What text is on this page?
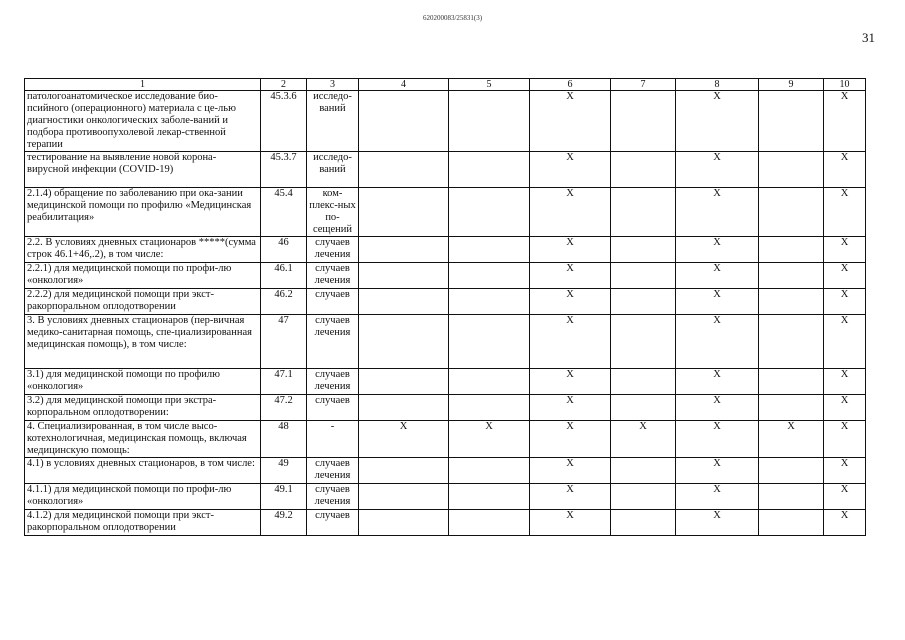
620200083/25831(3)
31
1	2	3	4	5	6	7	8	9	10
патологоанатомическое исследование био-псийного (операционного) материала с це-лью диагностики онкологических заболе-ваний и подбора противоопухолевой лекар-ственной терапии	45.3.6	исследо-ваний			X		X		X
тестирование на выявление новой корона-вирусной инфекции (COVID-19)	45.3.7	исследо-ваний			X		X		X
2.1.4) обращение по заболеванию при ока-зании медицинской помощи по профилю «Медицинская реабилитация»	45.4	ком-плекс-ных по-сещений			X		X		X
2.2. В условиях дневных стационаров *****(сумма строк 46.1+46,.2), в том числе:	46	случаев лечения			X		X		X
2.2.1) для медицинской помощи по профи-лю «онкология»	46.1	случаев лечения			X		X		X
2.2.2) для медицинской помощи при экст-ракорпоральном оплодотворении	46.2	случаев			X		X		X
3. В условиях дневных стационаров (пер-вичная медико-санитарная помощь, спе-циализированная медицинская помощь), в том числе:	47	случаев лечения			X		X		X
3.1) для медицинской помощи по профилю «онкология»	47.1	случаев лечения			X		X		X
3.2) для медицинской помощи при экстра-корпоральном оплодотворении:	47.2	случаев			X		X		X
4. Специализированная, в том числе высо-котехнологичная, медицинская помощь, включая медицинскую помощь:	48	-	X	X	X	X	X	X	X
4.1) в условиях дневных стационаров, в том числе:	49	случаев лечения			X		X		X
4.1.1) для медицинской помощи по профи-лю «онкология»	49.1	случаев лечения			X		X		X
4.1.2) для медицинской помощи при экст-ракорпоральном оплодотворении	49.2	случаев			X		X		X
